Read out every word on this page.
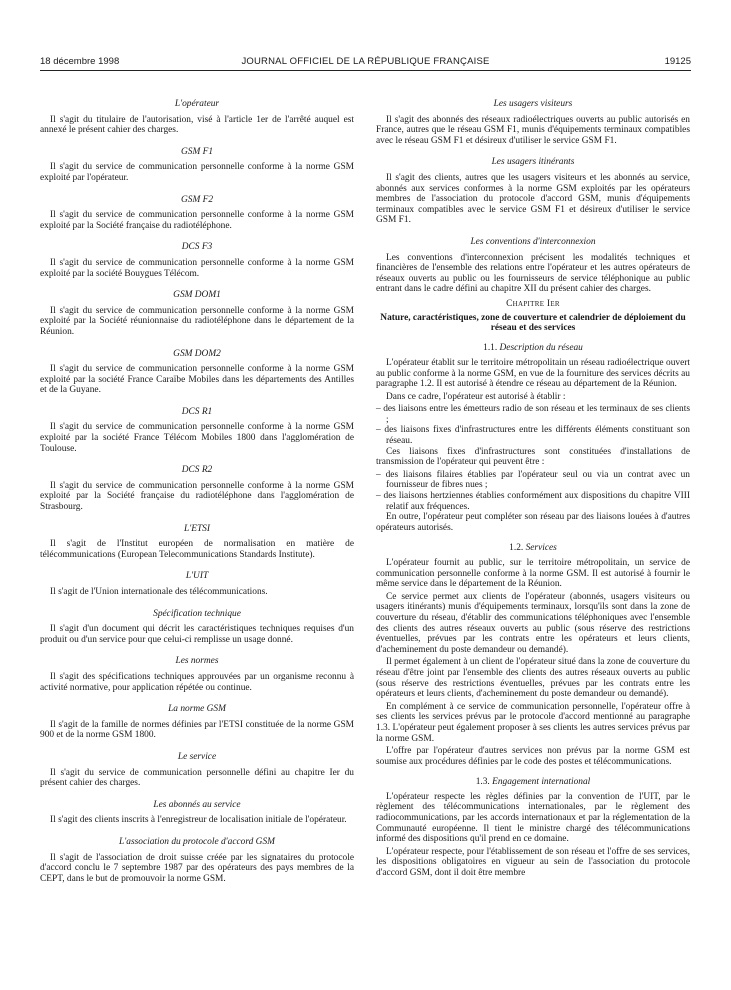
18 décembre 1998	JOURNAL OFFICIEL DE LA RÉPUBLIQUE FRANÇAISE	19125
L'opérateur

Il s'agit du titulaire de l'autorisation, visé à l'article 1er de l'arrêté auquel est annexé le présent cahier des charges.

GSM F1

Il s'agit du service de communication personnelle conforme à la norme GSM exploité par l'opérateur.

GSM F2

Il s'agit du service de communication personnelle conforme à la norme GSM exploité par la Société française du radiotéléphone.

DCS F3

Il s'agit du service de communication personnelle conforme à la norme GSM exploité par la société Bouygues Télécom.

GSM DOM1

Il s'agit du service de communication personnelle conforme à la norme GSM exploité par la Société réunionnaise du radiotéléphone dans le département de la Réunion.

GSM DOM2

Il s'agit du service de communication personnelle conforme à la norme GSM exploité par la société France Caraïbe Mobiles dans les départements des Antilles et de la Guyane.

DCS R1

Il s'agit du service de communication personnelle conforme à la norme GSM exploité par la société France Télécom Mobiles 1800 dans l'agglomération de Toulouse.

DCS R2

Il s'agit du service de communication personnelle conforme à la norme GSM exploité par la Société française du radiotéléphone dans l'agglomération de Strasbourg.

L'ETSI

Il s'agit de l'Institut européen de normalisation en matière de télécommunications (European Telecommunications Standards Institute).

L'UIT

Il s'agit de l'Union internationale des télécommunications.

Spécification technique

Il s'agit d'un document qui décrit les caractéristiques techniques requises d'un produit ou d'un service pour que celui-ci remplisse un usage donné.

Les normes

Il s'agit des spécifications techniques approuvées par un organisme reconnu à activité normative, pour application répétée ou continue.

La norme GSM

Il s'agit de la famille de normes définies par l'ETSI constituée de la norme GSM 900 et de la norme GSM 1800.

Le service

Il s'agit du service de communication personnelle défini au chapitre Ier du présent cahier des charges.

Les abonnés au service

Il s'agit des clients inscrits à l'enregistreur de localisation initiale de l'opérateur.

L'association du protocole d'accord GSM

Il s'agit de l'association de droit suisse créée par les signataires du protocole d'accord conclu le 7 septembre 1987 par des opérateurs des pays membres de la CEPT, dans le but de promouvoir la norme GSM.

Les usagers visiteurs

Il s'agit des abonnés des réseaux radioélectriques ouverts au public autorisés en France, autres que le réseau GSM F1, munis d'équipements terminaux compatibles avec le réseau GSM F1 et désireux d'utiliser le service GSM F1.

Les usagers itinérants

Il s'agit des clients, autres que les usagers visiteurs et les abonnés au service, abonnés aux services conformes à la norme GSM exploités par les opérateurs membres de l'association du protocole d'accord GSM, munis d'équipements terminaux compatibles avec le service GSM F1 et désireux d'utiliser le service GSM F1.

Les conventions d'interconnexion

Les conventions d'interconnexion précisent les modalités techniques et financières de l'ensemble des relations entre l'opérateur et les autres opérateurs de réseaux ouverts au public ou les fournisseurs de service téléphonique au public entrant dans le cadre défini au chapitre XII du présent cahier des charges.

Chapitre Ier
Nature, caractéristiques, zone de couverture et calendrier de déploiement du réseau et des services
1.1. Description du réseau

L'opérateur établit sur le territoire métropolitain un réseau radioélectrique ouvert au public conforme à la norme GSM, en vue de la fourniture des services décrits au paragraphe 1.2. Il est autorisé à étendre ce réseau au département de la Réunion.

Dans ce cadre, l'opérateur est autorisé à établir :

– des liaisons entre les émetteurs radio de son réseau et les terminaux de ses clients ;

– des liaisons fixes d'infrastructures entre les différents éléments constituant son réseau.

Ces liaisons fixes d'infrastructures sont constituées d'installations de transmission de l'opérateur qui peuvent être :

– des liaisons filaires établies par l'opérateur seul ou via un contrat avec un fournisseur de fibres nues ;

– des liaisons hertziennes établies conformément aux dispositions du chapitre VIII relatif aux fréquences.

En outre, l'opérateur peut compléter son réseau par des liaisons louées à d'autres opérateurs autorisés.

1.2. Services

L'opérateur fournit au public, sur le territoire métropolitain, un service de communication personnelle conforme à la norme GSM. Il est autorisé à fournir le même service dans le département de la Réunion.

Ce service permet aux clients de l'opérateur (abonnés, usagers visiteurs ou usagers itinérants) munis d'équipements terminaux, lorsqu'ils sont dans la zone de couverture du réseau, d'établir des communications téléphoniques avec l'ensemble des clients des autres réseaux ouverts au public (sous réserve des restrictions éventuelles, prévues par les contrats entre les opérateurs et leurs clients, d'acheminement du poste demandeur ou demandé).

Il permet également à un client de l'opérateur situé dans la zone de couverture du réseau d'être joint par l'ensemble des clients des autres réseaux ouverts au public (sous réserve des restrictions éventuelles, prévues par les contrats entre les opérateurs et leurs clients, d'acheminement du poste demandeur ou demandé).

En complément à ce service de communication personnelle, l'opérateur offre à ses clients les services prévus par le protocole d'accord mentionné au paragraphe 1.3. L'opérateur peut également proposer à ses clients les autres services prévus par la norme GSM.

L'offre par l'opérateur d'autres services non prévus par la norme GSM est soumise aux procédures définies par le code des postes et télécommunications.

1.3. Engagement international

L'opérateur respecte les règles définies par la convention de l'UIT, par le règlement des télécommunications internationales, par le règlement des radiocommunications, par les accords internationaux et par la réglementation de la Communauté européenne. Il tient le ministre chargé des télécommunications informé des dispositions qu'il prend en ce domaine.

L'opérateur respecte, pour l'établissement de son réseau et l'offre de ses services, les dispositions obligatoires en vigueur au sein de l'association du protocole d'accord GSM, dont il doit être membre
